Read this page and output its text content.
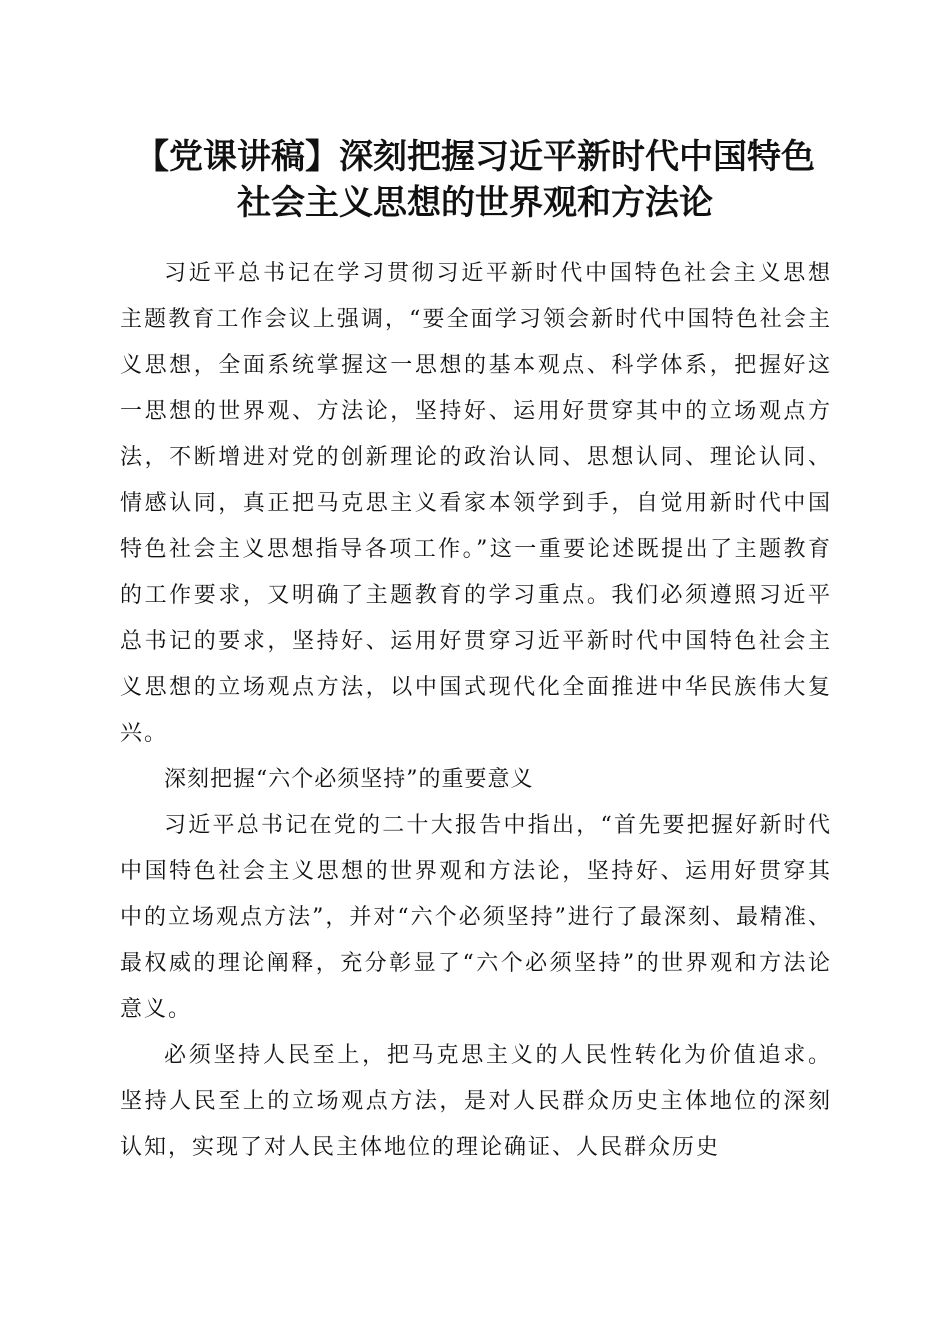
【党课讲稿】深刻把握习近平新时代中国特色
社会主义思想的世界观和方法论

习近平总书记在学习贯彻习近平新时代中国特色社会主义思想主题教育工作会议上强调，“要全面学习领会新时代中国特色社会主义思想，全面系统掌握这一思想的基本观点、科学体系，把握好这一思想的世界观、方法论，坚持好、运用好贯穿其中的立场观点方法，不断增进对党的创新理论的政治认同、思想认同、理论认同、情感认同，真正把马克思主义看家本领学到手，自觉用新时代中国特色社会主义思想指导各项工作。”这一重要论述既提出了主题教育的工作要求，又明确了主题教育的学习重点。我们必须遵照习近平总书记的要求，坚持好、运用好贯穿习近平新时代中国特色社会主义思想的立场观点方法，以中国式现代化全面推进中华民族伟大复兴。

深刻把握“六个必须坚持”的重要意义

习近平总书记在党的二十大报告中指出，“首先要把握好新时代中国特色社会主义思想的世界观和方法论，坚持好、运用好贯穿其中的立场观点方法”，并对“六个必须坚持”进行了最深刻、最精准、最权威的理论阐释，充分彰显了“六个必须坚持”的世界观和方法论意义。

必须坚持人民至上，把马克思主义的人民性转化为价值追求。坚持人民至上的立场观点方法，是对人民群众历史主体地位的深刻认知，实现了对人民主体地位的理论确证、人民群众历史
